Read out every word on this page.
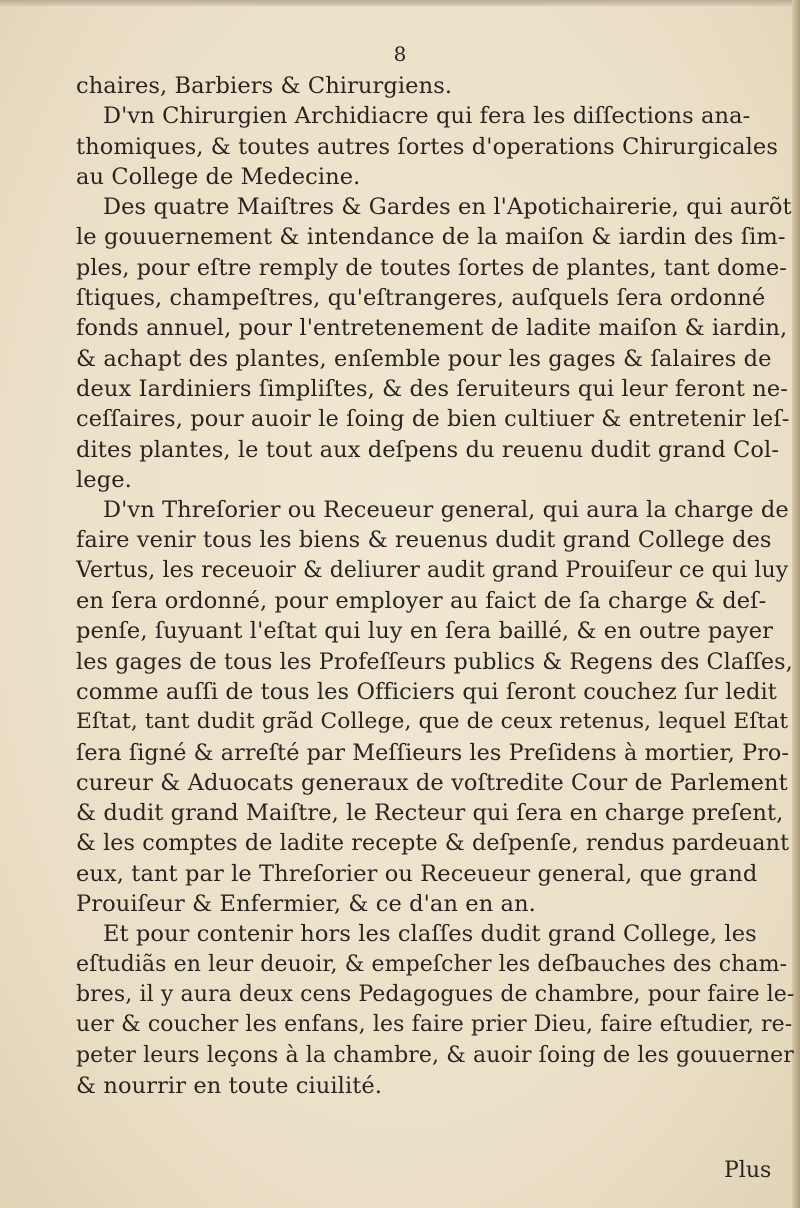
8
chaires, Barbiers & Chirurgiens.
D'vn Chirurgien Archidiacre qui fera les diſſections ana-
thomiques, & toutes autres ſortes d'operations Chirurgicales
au College de Medecine.
Des quatre Maiſtres & Gardes en l'Apotichairerie, qui aurõt
le gouuernement & intendance de la maiſon & iardin des ſim-
ples, pour eſtre remply de toutes ſortes de plantes, tant dome-
ſtiques, champeſtres, qu'eſtrangeres, auſquels ſera ordonné
fonds annuel, pour l'entretenement de ladite maiſon & iardin,
& achapt des plantes, enſemble pour les gages & ſalaires de
deux Iardiniers ſimpliſtes, & des ſeruiteurs qui leur feront ne-
ceſſaires, pour auoir le ſoing de bien cultiuer & entretenir leſ-
dites plantes, le tout aux deſpens du reuenu dudit grand Col-
lege.
D'vn Threſorier ou Receueur general, qui aura la charge de
faire venir tous les biens & reuenus dudit grand College des
Vertus, les receuoir & deliurer audit grand Prouiſeur ce qui luy
en ſera ordonné, pour employer au faict de ſa charge & deſ-
penſe, ſuyuant l'eſtat qui luy en ſera baillé, & en outre payer
les gages de tous les Profeſſeurs publics & Regens des Claſſes,
comme auſſi de tous les Officiers qui ſeront couchez ſur ledit
Eſtat, tant dudit grãd College, que de ceux retenus, lequel Eſtat
ſera ſigné & arreſté par Meſſieurs les Preſidens à mortier, Pro-
cureur & Aduocats generaux de voſtredite Cour de Parlement
& dudit grand Maiſtre, le Recteur qui ſera en charge preſent,
& les comptes de ladite recepte & deſpenſe, rendus pardeuant
eux, tant par le Threſorier ou Receueur general, que grand
Prouiſeur & Enfermier, & ce d'an en an.
Et pour contenir hors les claſſes dudit grand College, les
eſtudiãs en leur deuoir, & empeſcher les deſbauches des cham-
bres, il y aura deux cens Pedagogues de chambre, pour faire le-
uer & coucher les enfans, les faire prier Dieu, faire eſtudier, re-
peter leurs leçons à la chambre, & auoir ſoing de les gouuerner
& nourrir en toute ciuilité.
Plus
